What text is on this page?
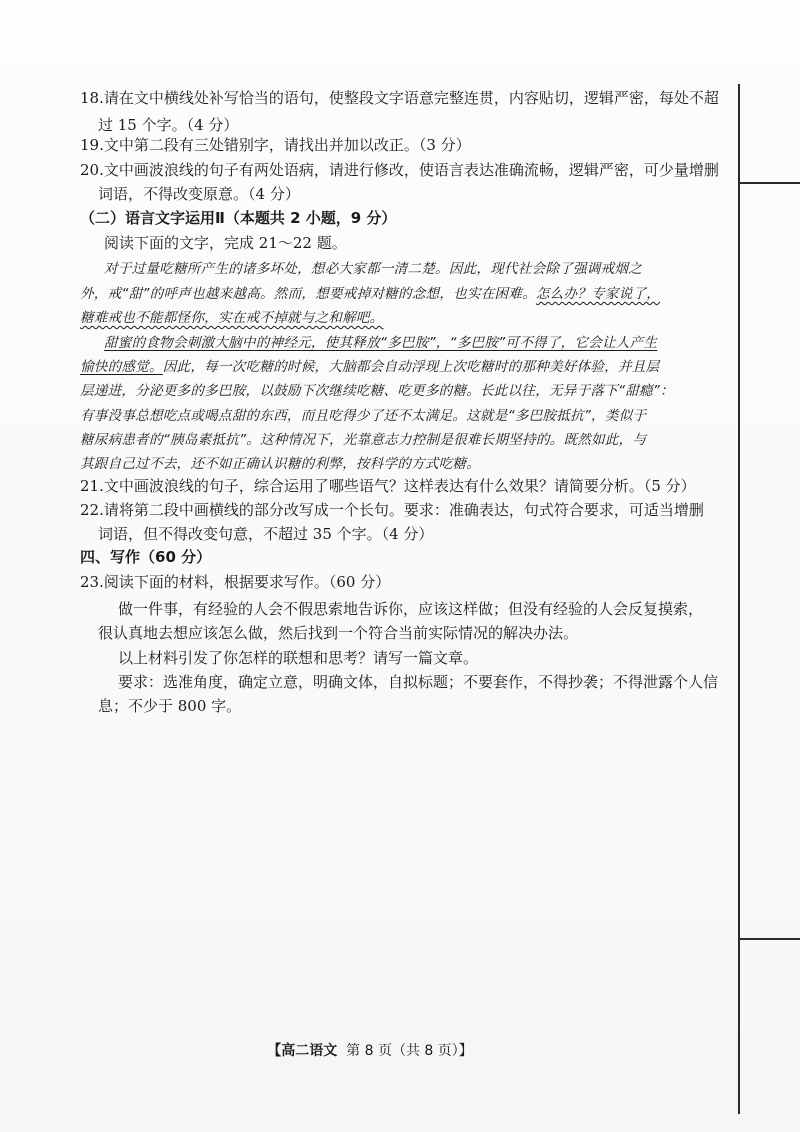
18.请在文中横线处补写恰当的语句，使整段文字语意完整连贯，内容贴切，逻辑严密，每处不超
过 15 个字。（4 分）
19.文中第二段有三处错别字，请找出并加以改正。（3 分）
20.文中画波浪线的句子有两处语病，请进行修改，使语言表达准确流畅，逻辑严密，可少量增删
词语，不得改变原意。（4 分）
（二）语言文字运用Ⅱ（本题共 2 小题，9 分）
阅读下面的文字，完成 21～22 题。
对于过量吃糖所产生的诸多坏处，想必大家都一清二楚。因此，现代社会除了强调戒烟之
外，戒“甜”的呼声也越来越高。然而，想要戒掉对糖的念想，也实在困难。怎么办？专家说了，
糖难戒也不能都怪你，实在戒不掉就与之和解吧。
甜蜜的食物会刺激大脑中的神经元，使其释放“多巴胺”，“多巴胺”可不得了，它会让人产生
愉快的感觉。因此，每一次吃糖的时候，大脑都会自动浮现上次吃糖时的那种美好体验，并且层
层递进，分泌更多的多巴胺，以鼓励下次继续吃糖、吃更多的糖。长此以往，无异于落下“甜瘾”：
有事没事总想吃点或喝点甜的东西，而且吃得少了还不太满足。这就是“多巴胺抵抗”，类似于
糖尿病患者的“胰岛素抵抗”。这种情况下，光靠意志力控制是很难长期坚持的。既然如此，与
其跟自己过不去，还不如正确认识糖的利弊，按科学的方式吃糖。
21.文中画波浪线的句子，综合运用了哪些语气？这样表达有什么效果？请简要分析。（5 分）
22.请将第二段中画横线的部分改写成一个长句。要求：准确表达，句式符合要求，可适当增删
词语，但不得改变句意，不超过 35 个字。（4 分）
四、写作（60 分）
23.阅读下面的材料，根据要求写作。（60 分）
做一件事，有经验的人会不假思索地告诉你，应该这样做；但没有经验的人会反复摸索，
很认真地去想应该怎么做，然后找到一个符合当前实际情况的解决办法。
以上材料引发了你怎样的联想和思考？请写一篇文章。
要求：选准角度，确定立意，明确文体，自拟标题；不要套作，不得抄袭；不得泄露个人信
息；不少于 800 字。
【高二语文 第 8 页（共 8 页）】
